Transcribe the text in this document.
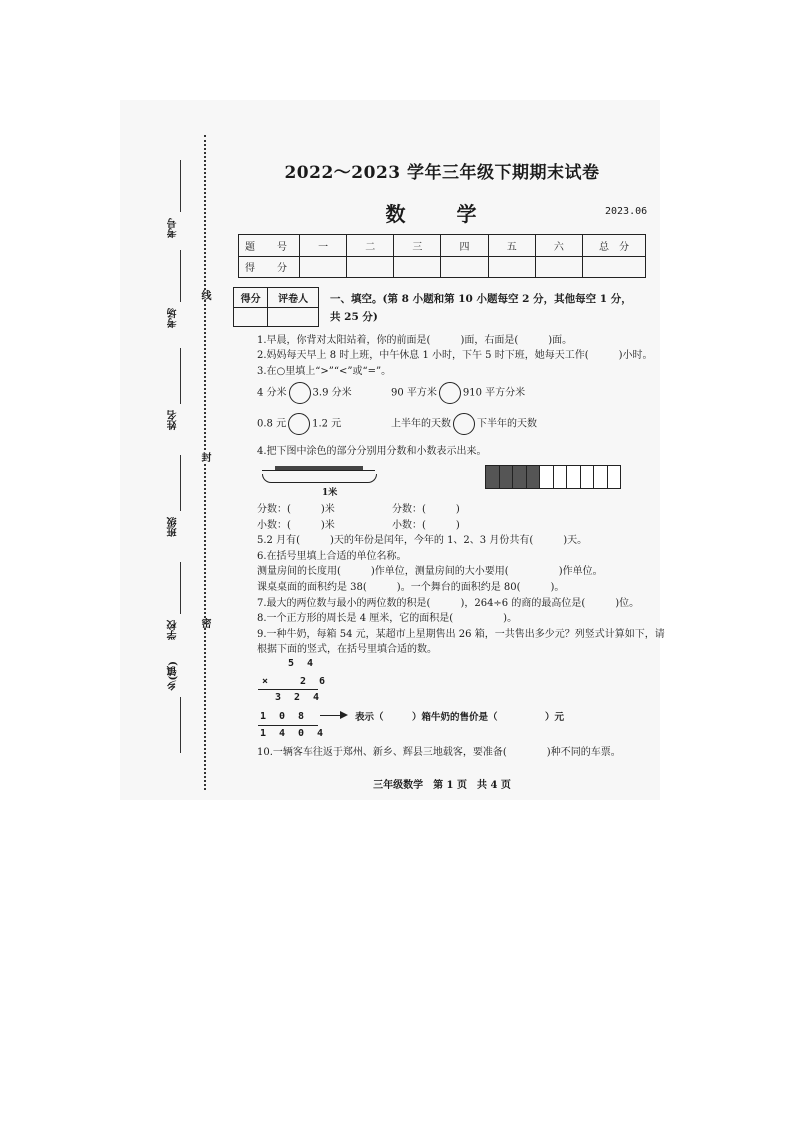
线
封
密
考号
考场
姓名
班级
学校
乡(镇)
2022～2023 学年三年级下期期末试卷
数 学	2023.06
题　号	一	二	三	四	五	六	总　分
得　分							
得分	评卷人
	一、填空。(第 8 小题和第 10 小题每空 2 分，其他每空 1 分，共 25 分)
1.早晨，你背对太阳站着，你的前面是(　　　)面，右面是(　　　)面。
2.妈妈每天早上 8 时上班，中午休息 1 小时，下午 5 时下班，她每天工作(　　　)小时。
3.在○里填上“>”“<”或“=”。
4 分米	3.9 分米	90 平方米	910 平方分米
0.8 元	1.2 元	上半年的天数	下半年的天数
4.把下图中涂色的部分分别用分数和小数表示出来。
1米
分数：(　　　)米
小数：(　　　)米
分数：(　　　)
小数：(　　　)
5.2 月有(　　　)天的年份是闰年，今年的 1、2、3 月份共有(　　　)天。
6.在括号里填上合适的单位名称。
测量房间的长度用(　　　)作单位，测量房间的大小要用(　　　　　)作单位。
课桌桌面的面积约是 38(　　　)。一个舞台的面积约是 80(　　　)。
7.最大的两位数与最小的两位数的积是(　　　)，264÷6 的商的最高位是(　　　)位。
8.一个正方形的周长是 4 厘米，它的面积是(　　　　　)。
9.一种牛奶，每箱 54 元，某超市上星期售出 26 箱，一共售出多少元？列竖式计算如下，请
根据下面的竖式，在括号里填合适的数。
54
× 26
324
108
1404
表示（　　　）箱牛奶的售价是（　　　　　）元
10.一辆客车往返于郑州、新乡、辉县三地载客，要准备(　　　　)种不同的车票。
三年级数学　第 1 页　共 4 页
